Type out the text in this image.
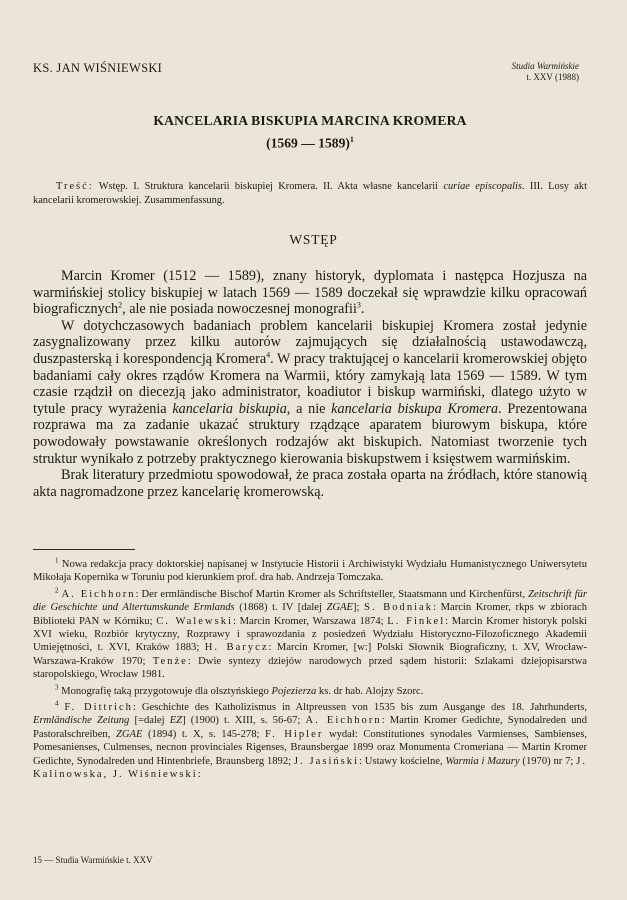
KS. JAN WIŚNIEWSKI	Studia Warmińskie
t. XXV (1988)
KANCELARIA BISKUPIA MARCINA KROMERA
(1569 — 1589)$^1$
Treść: Wstęp. I. Struktura kancelarii biskupiej Kromera. II. Akta własne kancelarii curiae episcopalis. III. Losy akt kancelarii kromerowskiej. Zusammenfassung.
WSTĘP

Marcin Kromer (1512 — 1589), znany historyk, dyplomata i następca Hozjusza na warmińskiej stolicy biskupiej w latach 1569 — 1589 doczekał się wprawdzie kilku opracowań biograficznych$^2$, ale nie posiada nowoczesnej monografii$^3$.

W dotychczasowych badaniach problem kancelarii biskupiej Kromera został jedynie zasygnalizowany przez kilku autorów zajmujących się działalnością ustawodawczą, duszpasterską i korespondencją Kromera$^4$. W pracy traktującej o kancelarii kromerowskiej objęto badaniami cały okres rządów Kromera na Warmii, który zamykają lata 1569 — 1589. W tym czasie rządził on diecezją jako administrator, koadiutor i biskup warmiński, dlatego użyto w tytule pracy wyrażenia kancelaria biskupia, a nie kancelaria biskupa Kromera. Prezentowana rozprawa ma za zadanie ukazać struktury rządzące aparatem biurowym biskupa, które powodowały powstawanie określonych rodzajów akt biskupich. Natomiast tworzenie tych struktur wynikało z potrzeby praktycznego kierowania biskupstwem i księstwem warmińskim.

Brak literatury przedmiotu spowodował, że praca została oparta na źródłach, które stanowią akta nagromadzone przez kancelarię kromerowską.

$^1$ Nowa redakcja pracy doktorskiej napisanej w Instytucie Historii i Archiwistyki Wydziału Humanistycznego Uniwersytetu Mikołaja Kopernika w Toruniu pod kierunkiem prof. dra hab. Andrzeja Tomczaka.

$^2$ A. Eichhorn: Der ermländische Bischof Martin Kromer als Schriftsteller, Staatsmann und Kirchenfürst, Zeitschrift für die Geschichte und Altertumskunde Ermlands (1868) t. IV [dalej ZGAE]; S. Bodniak: Marcin Kromer, rkps w zbiorach Biblioteki PAN w Kórniku; C. Walewski: Marcin Kromer, Warszawa 1874; L. Finkel: Marcin Kromer historyk polski XVI wieku, Rozbiór krytyczny, Rozprawy i sprawozdania z posiedzeń Wydziału Historyczno-Filozoficznego Akademii Umiejętności, t. XVI, Kraków 1883; H. Barycz: Marcin Kromer, [w:] Polski Słownik Biograficzny, t. XV, Wrocław-Warszawa-Kraków 1970; Tenże: Dwie syntezy dziejów narodowych przed sądem historii: Szlakami dziejopisarstwa staropolskiego, Wrocław 1981.

$^3$ Monografię taką przygotowuje dla olsztyńskiego Pojezierza ks. dr hab. Alojzy Szorc.

$^4$ F. Dittrich: Geschichte des Katholizismus in Altpreussen von 1535 bis zum Ausgange des 18. Jahrhunderts, Ermländische Zeitung [=dalej EZ] (1900) t. XIII, s. 56-67; A. Eichhorn: Martin Kromer Gedichte, Synodalreden und Pastoralschreiben, ZGAE (1894) t. X, s. 145-278; F. Hipler wydał: Constitutiones synodales Varmienses, Sambienses, Pomesanienses, Culmenses, necnon provinciales Rigenses, Braunsbergae 1899 oraz Monumenta Cromeriana — Martin Kromer Gedichte, Synodalreden und Hintenbriefe, Braunsberg 1892; J. Jasiński: Ustawy kościelne, Warmia i Mazury (1970) nr 7; J. Kalinowska, J. Wiśniewski:

15 — Studia Warmińskie t. XXV
